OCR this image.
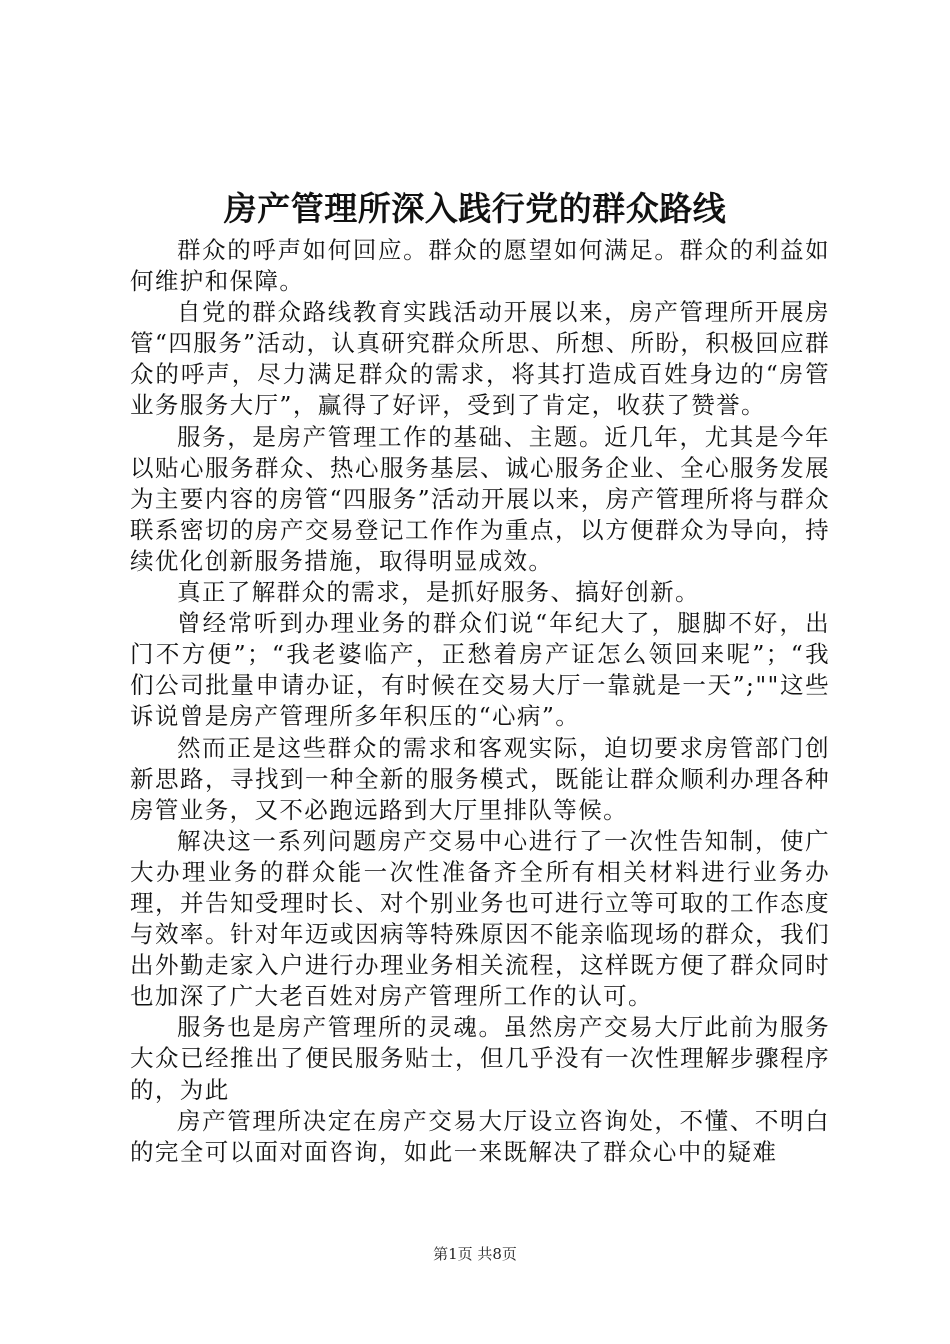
房产管理所深入践行党的群众路线

群众的呼声如何回应。群众的愿望如何满足。群众的利益如何维护和保障。

自党的群众路线教育实践活动开展以来，房产管理所开展房管“四服务”活动，认真研究群众所思、所想、所盼，积极回应群众的呼声，尽力满足群众的需求，将其打造成百姓身边的“房管业务服务大厅”，赢得了好评，受到了肯定，收获了赞誉。

服务，是房产管理工作的基础、主题。近几年，尤其是今年以贴心服务群众、热心服务基层、诚心服务企业、全心服务发展为主要内容的房管“四服务”活动开展以来，房产管理所将与群众联系密切的房产交易登记工作作为重点，以方便群众为导向，持续优化创新服务措施，取得明显成效。

真正了解群众的需求，是抓好服务、搞好创新。

曾经常听到办理业务的群众们说“年纪大了，腿脚不好，出门不方便”；“我老婆临产，正愁着房产证怎么领回来呢”；“我们公司批量申请办证，有时候在交易大厅一靠就是一天”;""这些诉说曾是房产管理所多年积压的“心病”。

然而正是这些群众的需求和客观实际，迫切要求房管部门创新思路，寻找到一种全新的服务模式，既能让群众顺利办理各种房管业务，又不必跑远路到大厅里排队等候。

解决这一系列问题房产交易中心进行了一次性告知制，使广大办理业务的群众能一次性准备齐全所有相关材料进行业务办理，并告知受理时长、对个别业务也可进行立等可取的工作态度与效率。针对年迈或因病等特殊原因不能亲临现场的群众，我们出外勤走家入户进行办理业务相关流程，这样既方便了群众同时也加深了广大老百姓对房产管理所工作的认可。

服务也是房产管理所的灵魂。虽然房产交易大厅此前为服务大众已经推出了便民服务贴士，但几乎没有一次性理解步骤程序的，为此

房产管理所决定在房产交易大厅设立咨询处，不懂、不明白的完全可以面对面咨询，如此一来既解决了群众心中的疑难

第1页 共8页
